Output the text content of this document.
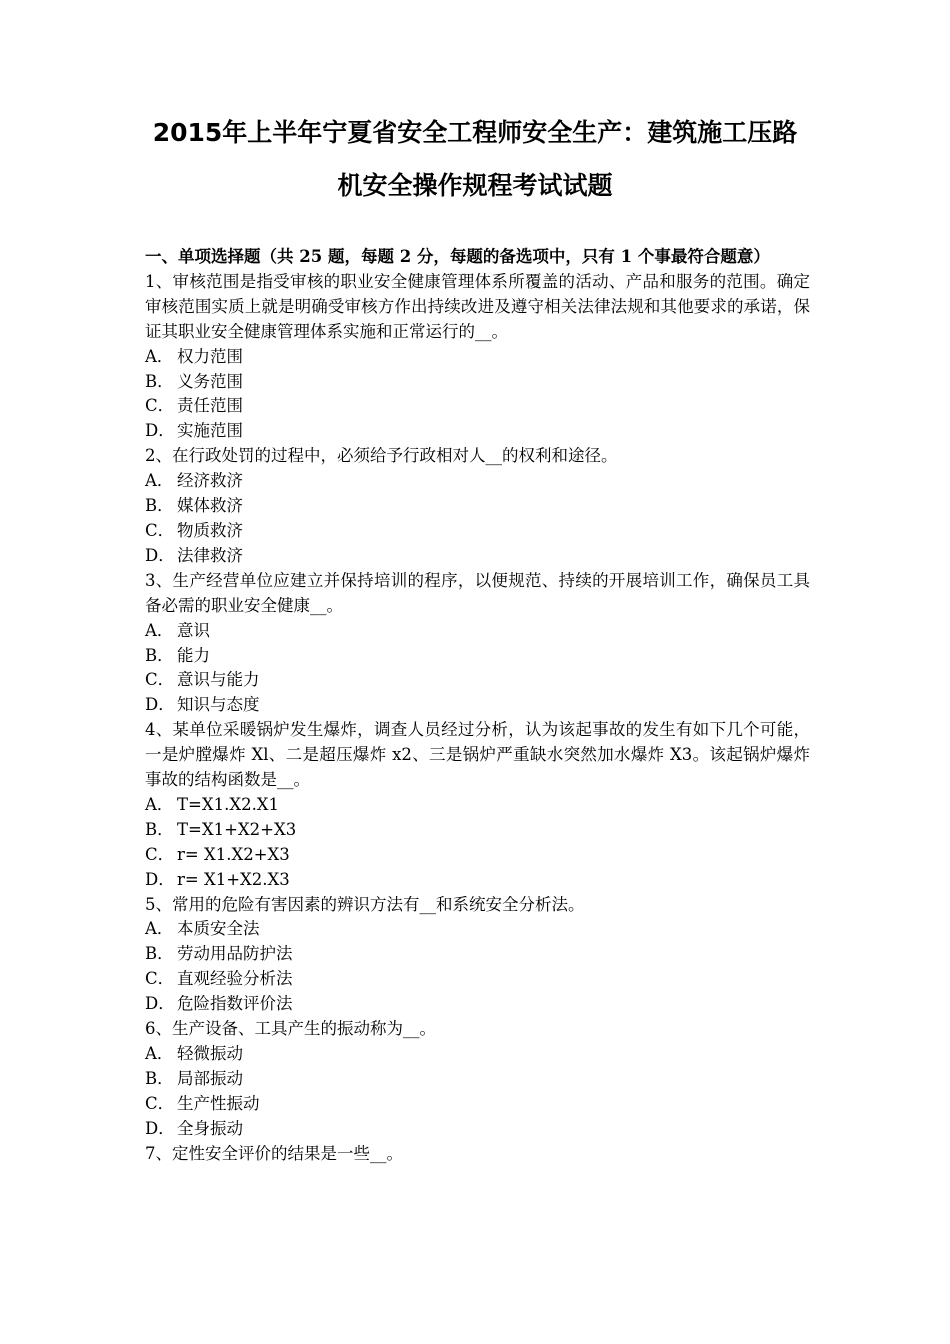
2015年上半年宁夏省安全工程师安全生产：建筑施工压路
机安全操作规程考试试题

一、单项选择题（共 25 题，每题 2 分，每题的备选项中，只有 1 个事最符合题意）

1、审核范围是指受审核的职业安全健康管理体系所覆盖的活动、产品和服务的范围。确定审核范围实质上就是明确受审核方作出持续改进及遵守相关法律法规和其他要求的承诺，保证其职业安全健康管理体系实施和正常运行的__。

A． 权力范围
B． 义务范围
C． 责任范围
D． 实施范围

2、在行政处罚的过程中，必须给予行政相对人__的权利和途径。

A． 经济救济
B． 媒体救济
C． 物质救济
D． 法律救济

3、生产经营单位应建立并保持培训的程序，以便规范、持续的开展培训工作，确保员工具备必需的职业安全健康__。

A． 意识
B． 能力
C． 意识与能力
D． 知识与态度

4、某单位采暖锅炉发生爆炸，调查人员经过分析，认为该起事故的发生有如下几个可能，一是炉膛爆炸 Xl、二是超压爆炸 x2、三是锅炉严重缺水突然加水爆炸 X3。该起锅炉爆炸事故的结构函数是__。

A． T=X1.X2.X1
B． T=X1+X2+X3
C． r= X1.X2+X3
D． r= X1+X2.X3

5、常用的危险有害因素的辨识方法有__和系统安全分析法。

A． 本质安全法
B． 劳动用品防护法
C． 直观经验分析法
D． 危险指数评价法

6、生产设备、工具产生的振动称为__。

A． 轻微振动
B． 局部振动
C． 生产性振动
D． 全身振动

7、定性安全评价的结果是一些__。
